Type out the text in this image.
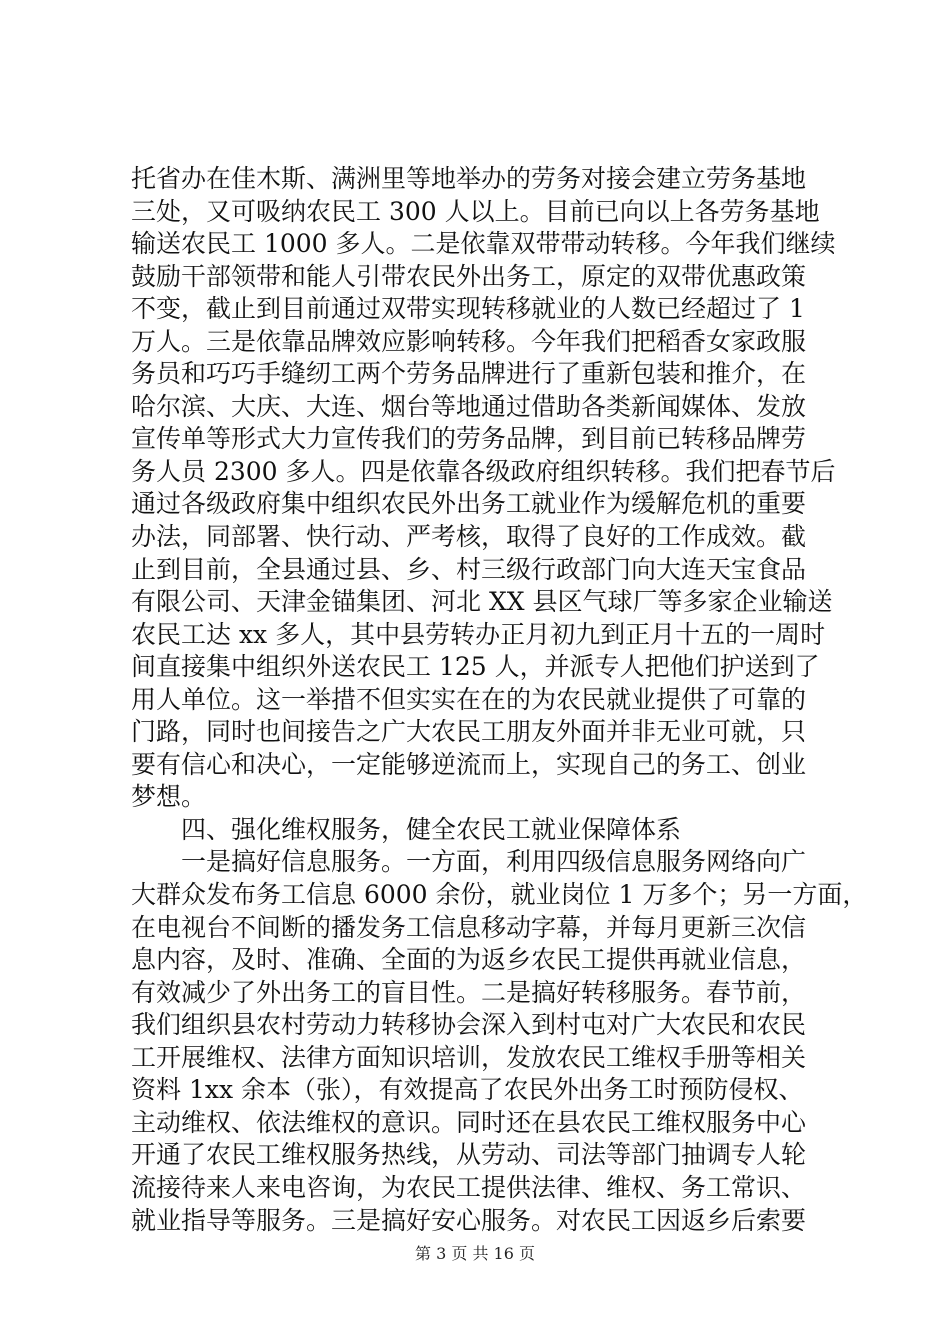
托省办在佳木斯、满洲里等地举办的劳务对接会建立劳务基地
三处，又可吸纳农民工 300 人以上。目前已向以上各劳务基地
输送农民工 1000 多人。二是依靠双带带动转移。今年我们继续
鼓励干部领带和能人引带农民外出务工，原定的双带优惠政策
不变，截止到目前通过双带实现转移就业的人数已经超过了 1
万人。三是依靠品牌效应影响转移。今年我们把稻香女家政服
务员和巧巧手缝纫工两个劳务品牌进行了重新包装和推介，在
哈尔滨、大庆、大连、烟台等地通过借助各类新闻媒体、发放
宣传单等形式大力宣传我们的劳务品牌，到目前已转移品牌劳
务人员 2300 多人。四是依靠各级政府组织转移。我们把春节后
通过各级政府集中组织农民外出务工就业作为缓解危机的重要
办法，同部署、快行动、严考核，取得了良好的工作成效。截
止到目前，全县通过县、乡、村三级行政部门向大连天宝食品
有限公司、天津金锚集团、河北 XX 县区气球厂等多家企业输送
农民工达 xx 多人，其中县劳转办正月初九到正月十五的一周时
间直接集中组织外送农民工 125 人，并派专人把他们护送到了
用人单位。这一举措不但实实在在的为农民就业提供了可靠的
门路，同时也间接告之广大农民工朋友外面并非无业可就，只
要有信心和决心，一定能够逆流而上，实现自己的务工、创业
梦想。
　　四、强化维权服务，健全农民工就业保障体系
　　一是搞好信息服务。一方面，利用四级信息服务网络向广
大群众发布务工信息 6000 余份，就业岗位 1 万多个；另一方面，
在电视台不间断的播发务工信息移动字幕，并每月更新三次信
息内容，及时、准确、全面的为返乡农民工提供再就业信息，
有效减少了外出务工的盲目性。二是搞好转移服务。春节前，
我们组织县农村劳动力转移协会深入到村屯对广大农民和农民
工开展维权、法律方面知识培训，发放农民工维权手册等相关
资料 1xx 余本（张），有效提高了农民外出务工时预防侵权、
主动维权、依法维权的意识。同时还在县农民工维权服务中心
开通了农民工维权服务热线，从劳动、司法等部门抽调专人轮
流接待来人来电咨询，为农民工提供法律、维权、务工常识、
就业指导等服务。三是搞好安心服务。对农民工因返乡后索要
第 3 页 共 16 页
